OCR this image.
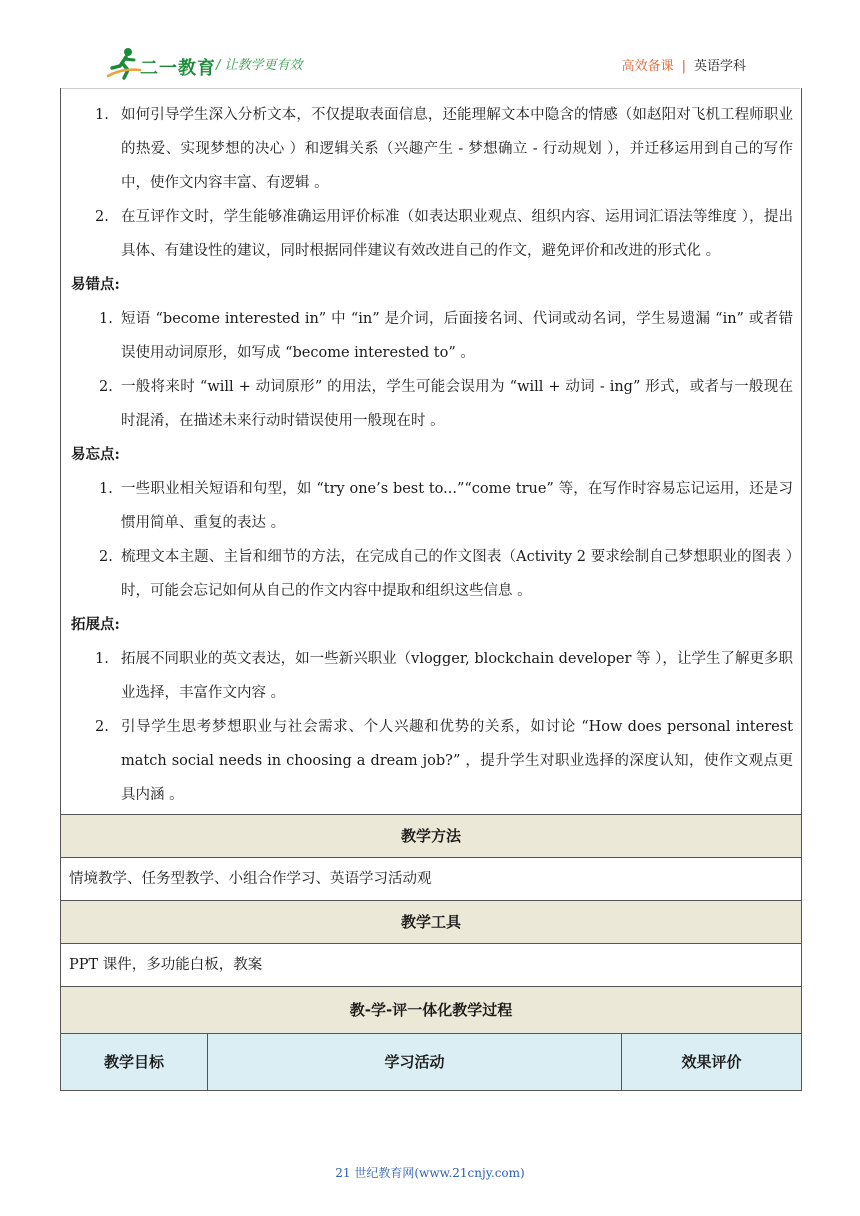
二一教育 / 让教学更有效	高效备课 | 英语学科
1. 如何引导学生深入分析文本，不仅提取表面信息，还能理解文本中隐含的情感（如赵阳对飞机工程师职业的热爱、实现梦想的决心 ）和逻辑关系（兴趣产生 - 梦想确立 - 行动规划 ），并迁移运用到自己的写作中，使作文内容丰富、有逻辑 。
2. 在互评作文时，学生能够准确运用评价标准（如表达职业观点、组织内容、运用词汇语法等维度 ），提出具体、有建设性的建议，同时根据同伴建议有效改进自己的作文，避免评价和改进的形式化 。
易错点:
1. 短语 “become interested in” 中 “in” 是介词，后面接名词、代词或动名词，学生易遗漏 “in” 或者错误使用动词原形，如写成 “become interested to” 。
2. 一般将来时 “will + 动词原形” 的用法，学生可能会误用为 “will + 动词 - ing” 形式，或者与一般现在时混淆，在描述未来行动时错误使用一般现在时 。
易忘点:
1. 一些职业相关短语和句型，如 “try one’s best to...”“come true” 等，在写作时容易忘记运用，还是习惯用简单、重复的表达 。
2. 梳理文本主题、主旨和细节的方法，在完成自己的作文图表（Activity 2 要求绘制自己梦想职业的图表 ）时，可能会忘记如何从自己的作文内容中提取和组织这些信息 。
拓展点:
1. 拓展不同职业的英文表达，如一些新兴职业（vlogger, blockchain developer 等 ），让学生了解更多职业选择，丰富作文内容 。
2. 引导学生思考梦想职业与社会需求、个人兴趣和优势的关系，如讨论 “How does personal interest match social needs in choosing a dream job?” ，提升学生对职业选择的深度认知，使作文观点更具内涵 。
教学方法
情境教学、任务型教学、小组合作学习、英语学习活动观
教学工具
PPT 课件，多功能白板，教案
教-学-评一体化教学过程
教学目标	学习活动	效果评价
21 世纪教育网(www.21cnjy.com)
